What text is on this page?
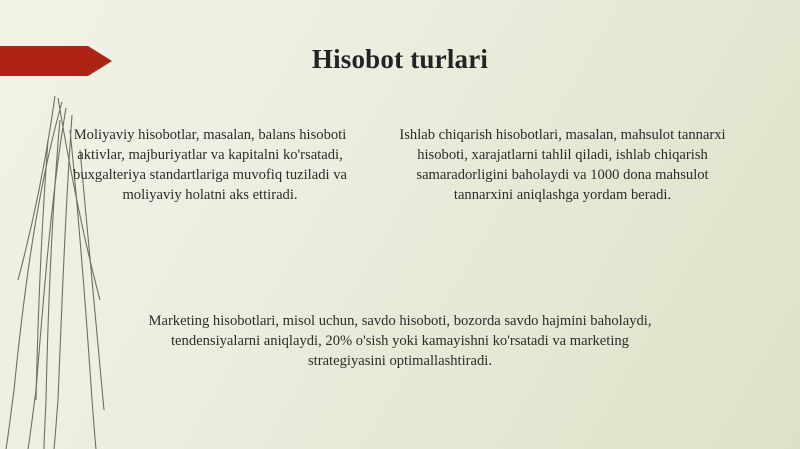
Hisobot turlari

Moliyaviy hisobotlar, masalan, balans hisoboti aktivlar, majburiyatlar va kapitalni ko'rsatadi, buxgalteriya standartlariga muvofiq tuziladi va moliyaviy holatni aks ettiradi.

Ishlab chiqarish hisobotlari, masalan, mahsulot tannarxi hisoboti, xarajatlarni tahlil qiladi, ishlab chiqarish samaradorligini baholaydi va 1000 dona mahsulot tannarxini aniqlashga yordam beradi.

Marketing hisobotlari, misol uchun, savdo hisoboti, bozorda savdo hajmini baholaydi, tendensiyalarni aniqlaydi, 20% o'sish yoki kamayishni ko'rsatadi va marketing strategiyasini optimallashtiradi.
